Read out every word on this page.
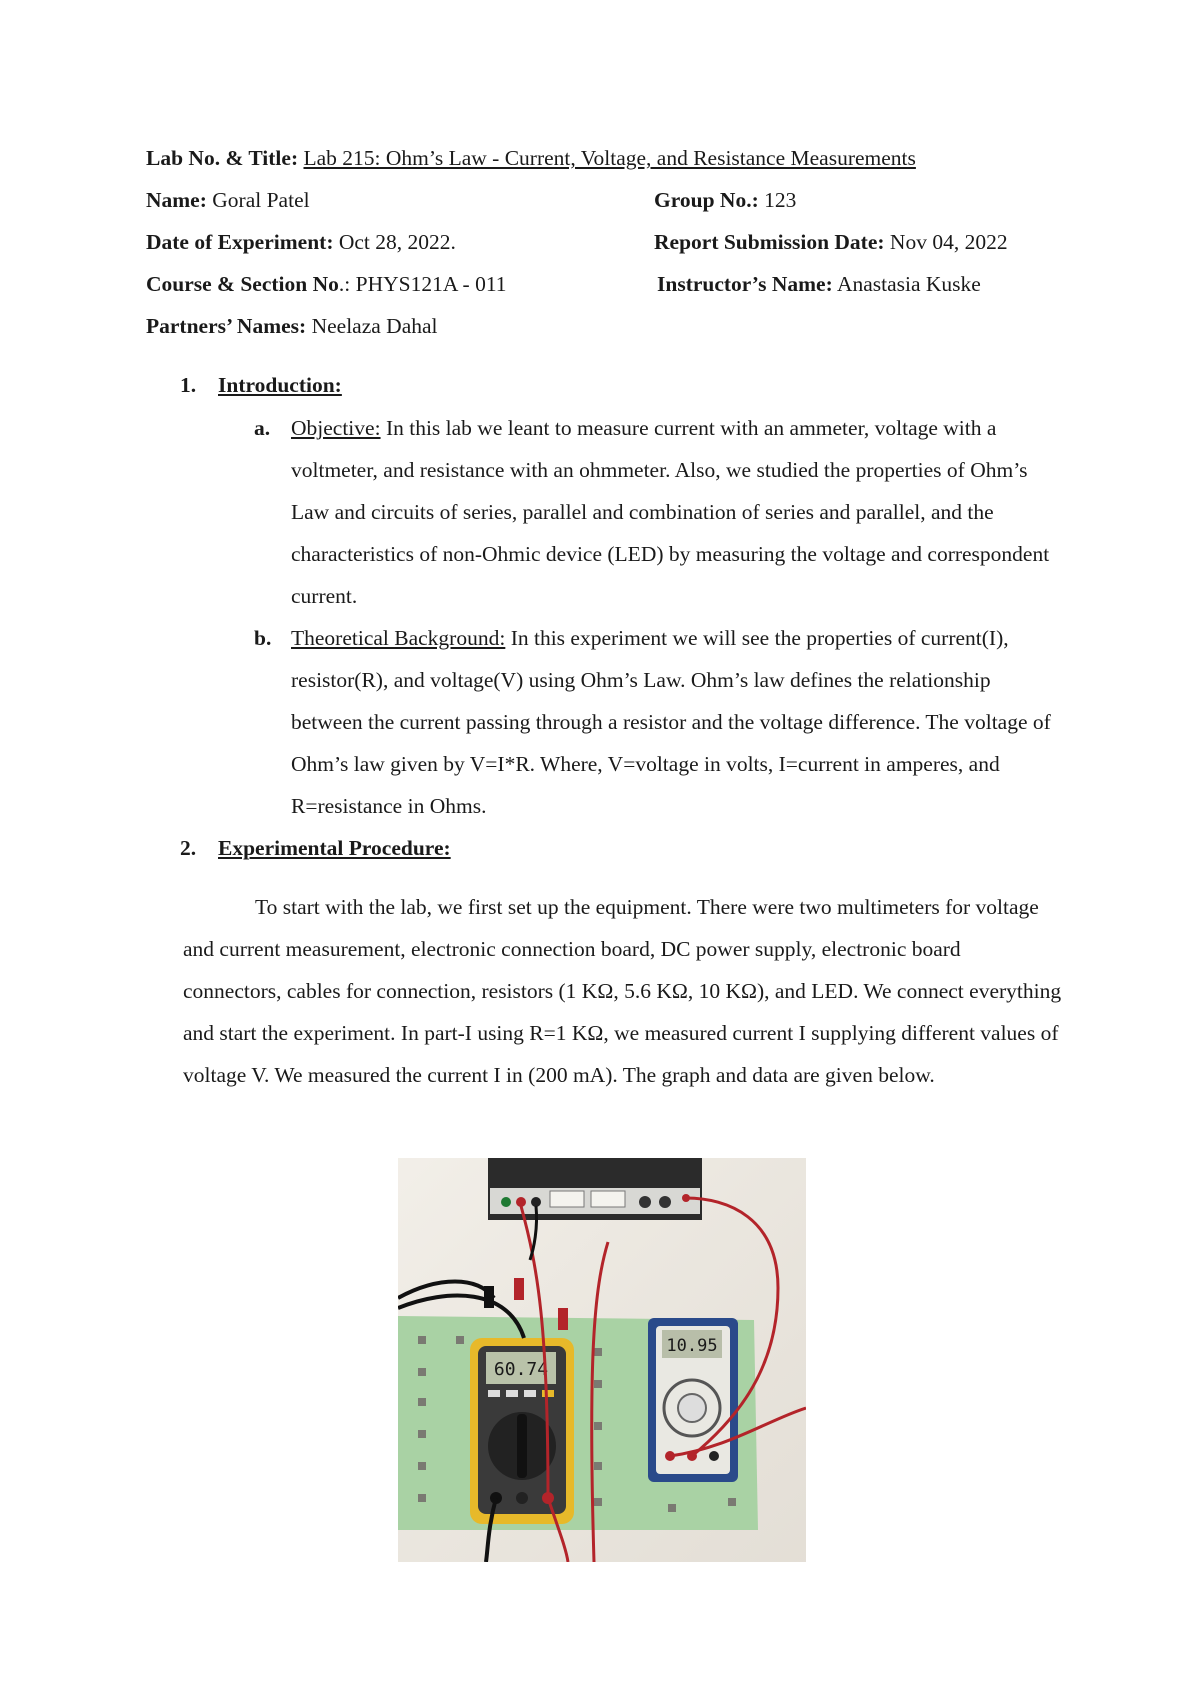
Lab No. & Title: Lab 215: Ohm’s Law - Current, Voltage, and Resistance Measurements
Name: Goral Patel	Group No.: 123
Date of Experiment: Oct 28, 2022.	Report Submission Date: Nov 04, 2022
Course & Section No.: PHYS121A - 011	Instructor’s Name: Anastasia Kuske
Partners’ Names: Neelaza Dahal
1. Introduction:
a. Objective: In this lab we leant to measure current with an ammeter, voltage with a voltmeter, and resistance with an ohmmeter. Also, we studied the properties of Ohm’s Law and circuits of series, parallel and combination of series and parallel, and the characteristics of non-Ohmic device (LED) by measuring the voltage and correspondent current.
b. Theoretical Background: In this experiment we will see the properties of current(I), resistor(R), and voltage(V) using Ohm’s Law. Ohm’s law defines the relationship between the current passing through a resistor and the voltage difference. The voltage of Ohm’s law given by V=I*R. Where, V=voltage in volts, I=current in amperes, and R=resistance in Ohms.
2. Experimental Procedure:
To start with the lab, we first set up the equipment. There were two multimeters for voltage and current measurement, electronic connection board, DC power supply, electronic board connectors, cables for connection, resistors (1 KΩ, 5.6 KΩ, 10 KΩ), and LED. We connect everything and start the experiment. In part-I using R=1 KΩ, we measured current I supplying different values of voltage V. We measured the current I in (200 mA). The graph and data are given below.
60.74
10.95
